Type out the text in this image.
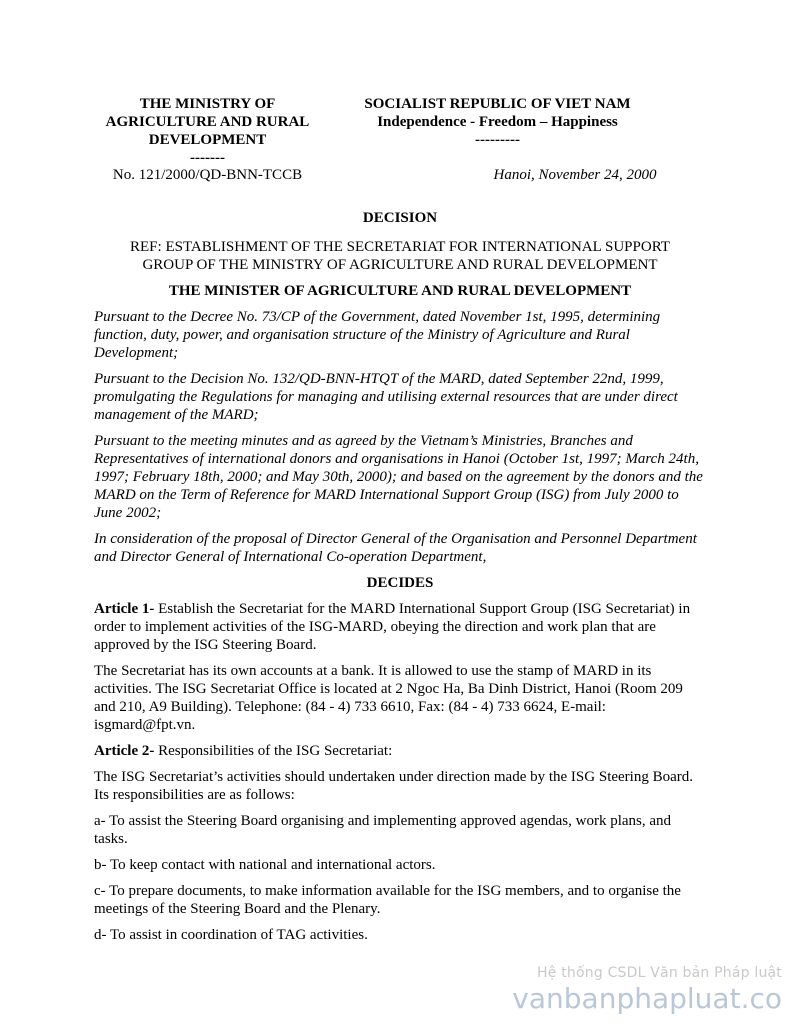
THE MINISTRY OF
AGRICULTURE AND RURAL
DEVELOPMENT
-------
SOCIALIST REPUBLIC OF VIET NAM
Independence - Freedom – Happiness
---------
No. 121/2000/QD-BNN-TCCB	Hanoi, November 24, 2000
DECISION
REF: ESTABLISHMENT OF THE SECRETARIAT FOR INTERNATIONAL SUPPORT
GROUP OF THE MINISTRY OF AGRICULTURE AND RURAL DEVELOPMENT
THE MINISTER OF AGRICULTURE AND RURAL DEVELOPMENT
Pursuant to the Decree No. 73/CP of the Government, dated November 1st, 1995, determining function, duty, power, and organisation structure of the Ministry of Agriculture and Rural Development;
Pursuant to the Decision No. 132/QD-BNN-HTQT of the MARD, dated September 22nd, 1999, promulgating the Regulations for managing and utilising external resources that are under direct management of the MARD;
Pursuant to the meeting minutes and as agreed by the Vietnam’s Ministries, Branches and Representatives of international donors and organisations in Hanoi (October 1st, 1997; March 24th, 1997; February 18th, 2000; and May 30th, 2000); and based on the agreement by the donors and the MARD on the Term of Reference for MARD International Support Group (ISG) from July 2000 to June 2002;
In consideration of the proposal of Director General of the Organisation and Personnel Department and Director General of International Co-operation Department,
DECIDES
Article 1- Establish the Secretariat for the MARD International Support Group (ISG Secretariat) in order to implement activities of the ISG-MARD, obeying the direction and work plan that are approved by the ISG Steering Board.
The Secretariat has its own accounts at a bank. It is allowed to use the stamp of MARD in its activities. The ISG Secretariat Office is located at 2 Ngoc Ha, Ba Dinh District, Hanoi (Room 209 and 210, A9 Building). Telephone: (84 - 4) 733 6610, Fax: (84 - 4) 733 6624, E-mail: isgmard@fpt.vn.
Article 2- Responsibilities of the ISG Secretariat:
The ISG Secretariat’s activities should undertaken under direction made by the ISG Steering Board. Its responsibilities are as follows:
a- To assist the Steering Board organising and implementing approved agendas, work plans, and tasks.
b- To keep contact with national and international actors.
c- To prepare documents, to make information available for the ISG members, and to organise the meetings of the Steering Board and the Plenary.
d- To assist in coordination of TAG activities.
Hệ thống CSDL Văn bản Pháp luật
vanbanphapluat.co
